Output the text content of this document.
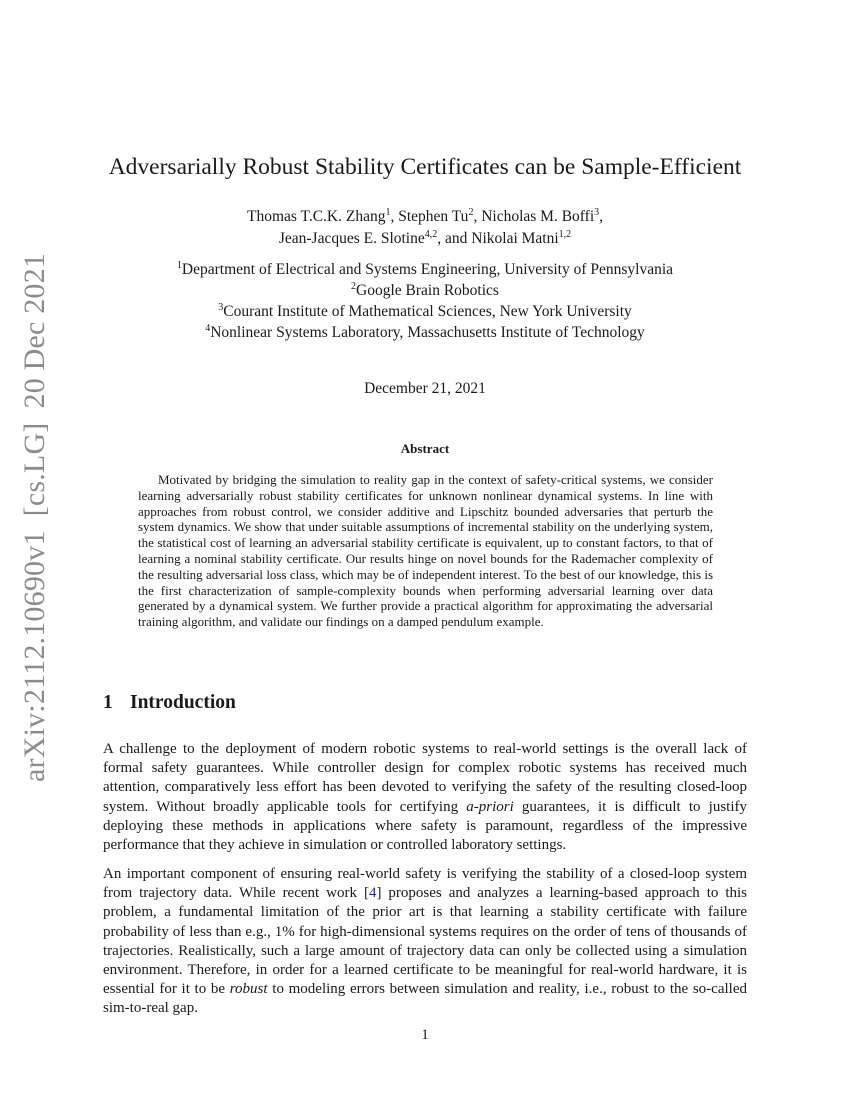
arXiv:2112.10690v1[cs.LG]20 Dec 2021
Adversarially Robust Stability Certificates can be Sample-Efficient
Thomas T.C.K. Zhang$^1$, Stephen Tu$^2$, Nicholas M. Boffi$^3$,
Jean-Jacques E. Slotine$^{4,2}$, and Nikolai Matni$^{1,2}$
$^1$Department of Electrical and Systems Engineering, University of Pennsylvania
$^2$Google Brain Robotics
$^3$Courant Institute of Mathematical Sciences, New York University
$^4$Nonlinear Systems Laboratory, Massachusetts Institute of Technology
December 21, 2021
Abstract

Motivated by bridging the simulation to reality gap in the context of safety-critical systems, we consider learning adversarially robust stability certificates for unknown nonlinear dynamical systems. In line with approaches from robust control, we consider additive and Lipschitz bounded adversaries that perturb the system dynamics. We show that under suitable assumptions of incremental stability on the underlying system, the statistical cost of learning an adversarial stability certificate is equivalent, up to constant factors, to that of learning a nominal stability certificate. Our results hinge on novel bounds for the Rademacher complexity of the resulting adversarial loss class, which may be of independent interest. To the best of our knowledge, this is the first characterization of sample-complexity bounds when performing adversarial learning over data generated by a dynamical system. We further provide a practical algorithm for approximating the adversarial training algorithm, and validate our findings on a damped pendulum example.

1 Introduction

A challenge to the deployment of modern robotic systems to real-world settings is the overall lack of formal safety guarantees. While controller design for complex robotic systems has received much attention, comparatively less effort has been devoted to verifying the safety of the resulting closed-loop system. Without broadly applicable tools for certifying a-priori guarantees, it is difficult to justify deploying these methods in applications where safety is paramount, regardless of the impressive performance that they achieve in simulation or controlled laboratory settings.

An important component of ensuring real-world safety is verifying the stability of a closed-loop system from trajectory data. While recent work [4] proposes and analyzes a learning-based approach to this problem, a fundamental limitation of the prior art is that learning a stability certificate with failure probability of less than e.g., 1% for high-dimensional systems requires on the order of tens of thousands of trajectories. Realistically, such a large amount of trajectory data can only be collected using a simulation environment. Therefore, in order for a learned certificate to be meaningful for real-world hardware, it is essential for it to be robust to modeling errors between simulation and reality, i.e., robust to the so-called sim-to-real gap.

1
